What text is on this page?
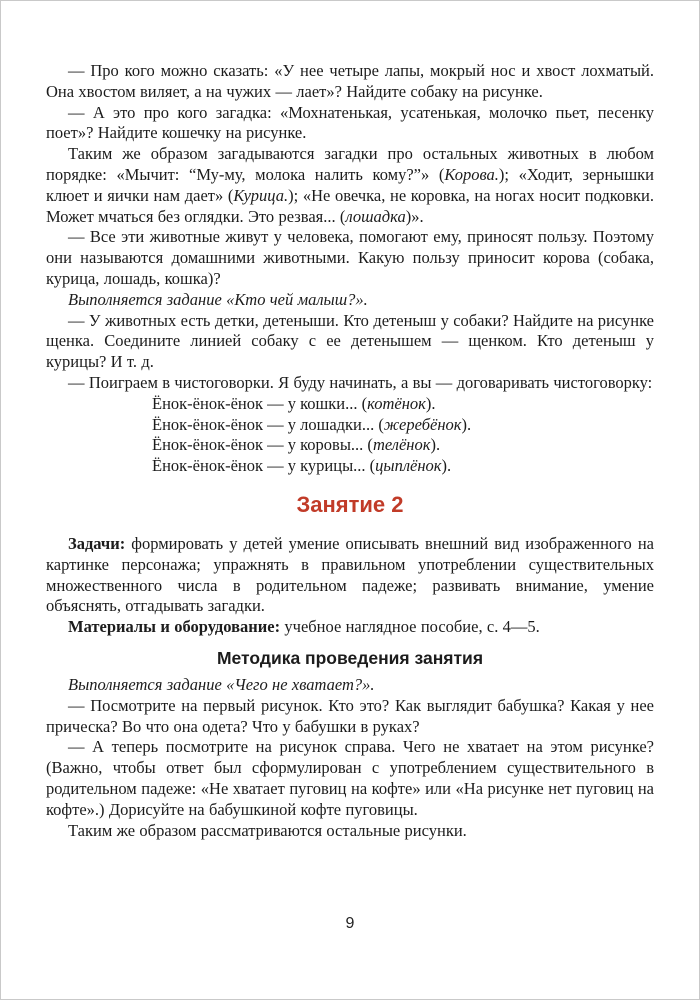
— Про кого можно сказать: «У нее четыре лапы, мокрый нос и хвост лохматый. Она хвостом виляет, а на чужих — лает»? Найдите собаку на рисунке.

— А это про кого загадка: «Мохнатенькая, усатенькая, молочко пьет, песенку поет»? Найдите кошечку на рисунке.

Таким же образом загадываются загадки про остальных животных в любом порядке: «Мычит: “Му-му, молока налить кому?”» (Корова.); «Ходит, зернышки клюет и яички нам дает» (Курица.); «Не овечка, не коровка, на ногах носит подковки. Может мчаться без оглядки. Это резвая... (лошадка)».

— Все эти животные живут у человека, помогают ему, приносят пользу. Поэтому они называются домашними животными. Какую пользу приносит корова (собака, курица, лошадь, кошка)?

Выполняется задание «Кто чей малыш?».

— У животных есть детки, детеныши. Кто детеныш у собаки? Найдите на рисунке щенка. Соедините линией собаку с ее детенышем — щенком. Кто детеныш у курицы? И т. д.

— Поиграем в чистоговорки. Я буду начинать, а вы — договаривать чистоговорку:

Ёнок-ёнок-ёнок — у кошки... (котёнок).
Ёнок-ёнок-ёнок — у лошадки... (жеребёнок).
Ёнок-ёнок-ёнок — у коровы... (телёнок).
Ёнок-ёнок-ёнок — у курицы... (цыплёнок).
Занятие 2

Задачи: формировать у детей умение описывать внешний вид изображенного на картинке персонажа; упражнять в правильном употреблении существительных множественного числа в родительном падеже; развивать внимание, умение объяснять, отгадывать загадки.

Материалы и оборудование: учебное наглядное пособие, с. 4—5.

Методика проведения занятия

Выполняется задание «Чего не хватает?».

— Посмотрите на первый рисунок. Кто это? Как выглядит бабушка? Какая у нее прическа? Во что она одета? Что у бабушки в руках?

— А теперь посмотрите на рисунок справа. Чего не хватает на этом рисунке? (Важно, чтобы ответ был сформулирован с употреблением существительного в родительном падеже: «Не хватает пуговиц на кофте» или «На рисунке нет пуговиц на кофте».) Дорисуйте на бабушкиной кофте пуговицы.

Таким же образом рассматриваются остальные рисунки.

9
